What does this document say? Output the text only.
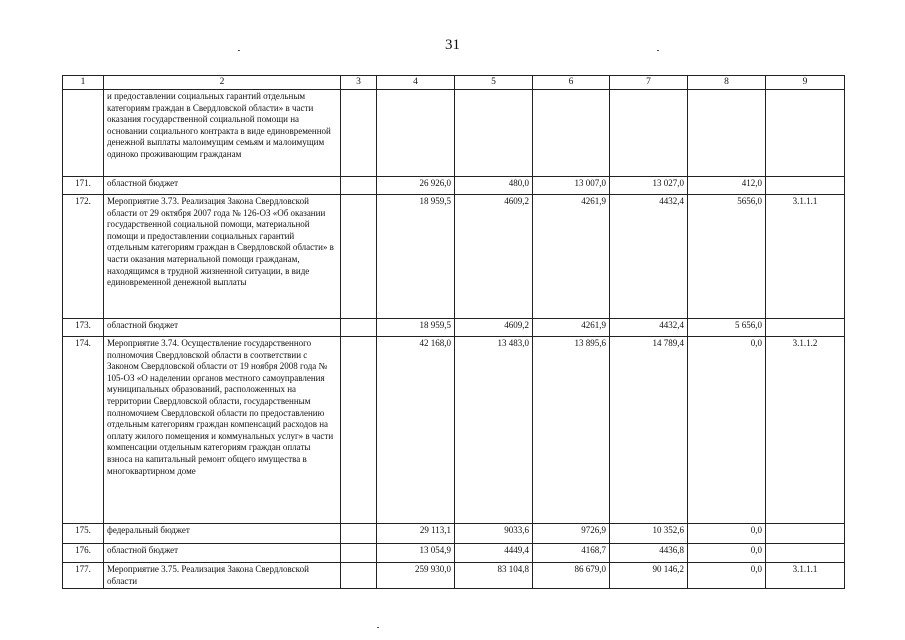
31
1	2	3	4	5	6	7	8	9
	и предоставлении социальных гарантий отдельным категориям граждан в Свердловской области» в части оказания государственной социальной помощи на основании социального контракта в виде единовременной денежной выплаты малоимущим семьям и малоимущим одиноко проживающим гражданам							
171.	областной бюджет		26 926,0	480,0	13 007,0	13 027,0	412,0	
172.	Мероприятие 3.73. Реализация Закона Свердловской области от 29 октября 2007 года № 126-ОЗ «Об оказании государственной социальной помощи, материальной помощи и предоставлении социальных гарантий отдельным категориям граждан в Свердловской области» в части оказания материальной помощи гражданам, находящимся в трудной жизненной ситуации, в виде единовременной денежной выплаты		18 959,5	4609,2	4261,9	4432,4	5656,0	3.1.1.1
173.	областной бюджет		18 959,5	4609,2	4261,9	4432,4	5 656,0	
174.	Мероприятие 3.74. Осуществление государственного полномочия Свердловской области в соответствии с Законом Свердловской области от 19 ноября 2008 года № 105-ОЗ «О наделении органов местного самоуправления муниципальных образований, расположенных на территории Свердловской области, государственным полномочием Свердловской области по предоставлению отдельным категориям граждан компенсаций расходов на оплату жилого помещения и коммунальных услуг» в части компенсации отдельным категориям граждан оплаты взноса на капитальный ремонт общего имущества в многоквартирном доме		42 168,0	13 483,0	13 895,6	14 789,4	0,0	3.1.1.2
175.	федеральный бюджет		29 113,1	9033,6	9726,9	10 352,6	0,0	
176.	областной бюджет		13 054,9	4449,4	4168,7	4436,8	0,0	
177.	Мероприятие 3.75. Реализация Закона Свердловской области		259 930,0	83 104,8	86 679,0	90 146,2	0,0	3.1.1.1
